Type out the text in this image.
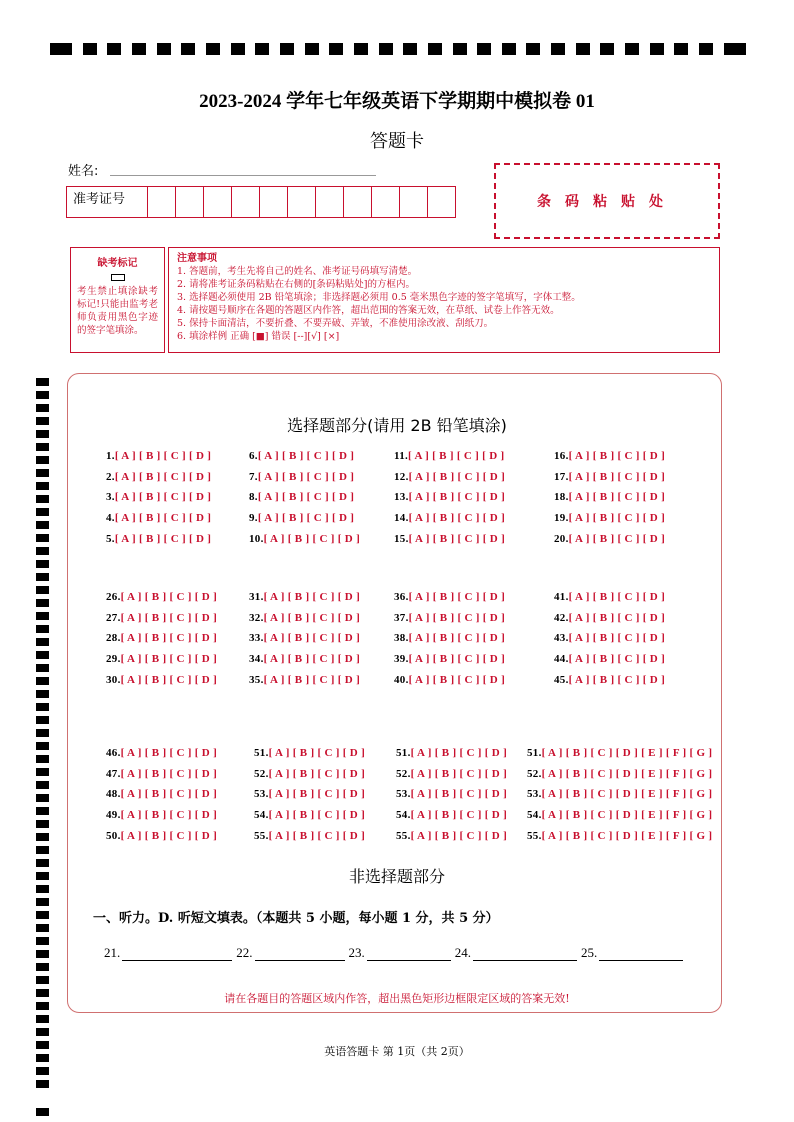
2023-2024 学年七年级英语下学期期中模拟卷 01
答题卡
姓名:
准考证号	条码粘贴处
缺考标记
考生禁止填涂缺考标记!只能由监考老师负责用黑色字迹的签字笔填涂。
注意事项
1. 答题前，考生先将自己的姓名、准考证号码填写清楚。
2. 请将准考证条码粘贴在右侧的[条码粘贴处]的方框内。
3. 选择题必须使用 2B 铅笔填涂；非选择题必须用 0.5 毫米黑色字迹的签字笔填写，字体工整。
4. 请按题号顺序在各题的答题区内作答，超出范围的答案无效，在草纸、试卷上作答无效。
5. 保持卡面清洁，不要折叠、不要弄破、弄皱，不准使用涂改液、刮纸刀。
6. 填涂样例 正确 [■] 错误 [--][√] [×]
选择题部分(请用 2B 铅笔填涂)
1.[ A ] [ B ] [ C ] [ D ]	6.[ A ] [ B ] [ C ] [ D ]	11.[ A ] [ B ] [ C ] [ D ]	16.[ A ] [ B ] [ C ] [ D ]
2.[ A ] [ B ] [ C ] [ D ]	7.[ A ] [ B ] [ C ] [ D ]	12.[ A ] [ B ] [ C ] [ D ]	17.[ A ] [ B ] [ C ] [ D ]
3.[ A ] [ B ] [ C ] [ D ]	8.[ A ] [ B ] [ C ] [ D ]	13.[ A ] [ B ] [ C ] [ D ]	18.[ A ] [ B ] [ C ] [ D ]
4.[ A ] [ B ] [ C ] [ D ]	9.[ A ] [ B ] [ C ] [ D ]	14.[ A ] [ B ] [ C ] [ D ]	19.[ A ] [ B ] [ C ] [ D ]
5.[ A ] [ B ] [ C ] [ D ]	10.[ A ] [ B ] [ C ] [ D ]	15.[ A ] [ B ] [ C ] [ D ]	20.[ A ] [ B ] [ C ] [ D ]
26.[ A ] [ B ] [ C ] [ D ]	31.[ A ] [ B ] [ C ] [ D ]	36.[ A ] [ B ] [ C ] [ D ]	41.[ A ] [ B ] [ C ] [ D ]
27.[ A ] [ B ] [ C ] [ D ]	32.[ A ] [ B ] [ C ] [ D ]	37.[ A ] [ B ] [ C ] [ D ]	42.[ A ] [ B ] [ C ] [ D ]
28.[ A ] [ B ] [ C ] [ D ]	33.[ A ] [ B ] [ C ] [ D ]	38.[ A ] [ B ] [ C ] [ D ]	43.[ A ] [ B ] [ C ] [ D ]
29.[ A ] [ B ] [ C ] [ D ]	34.[ A ] [ B ] [ C ] [ D ]	39.[ A ] [ B ] [ C ] [ D ]	44.[ A ] [ B ] [ C ] [ D ]
30.[ A ] [ B ] [ C ] [ D ]	35.[ A ] [ B ] [ C ] [ D ]	40.[ A ] [ B ] [ C ] [ D ]	45.[ A ] [ B ] [ C ] [ D ]
46.[ A ] [ B ] [ C ] [ D ]	51.[ A ] [ B ] [ C ] [ D ]	51.[ A ] [ B ] [ C ] [ D ] 51.[ A ] [ B ] [ C ] [ D ] [ E ] [ F ] [ G ]
47.[ A ] [ B ] [ C ] [ D ]	52.[ A ] [ B ] [ C ] [ D ]	52.[ A ] [ B ] [ C ] [ D ] 52.[ A ] [ B ] [ C ] [ D ] [ E ] [ F ] [ G ]
48.[ A ] [ B ] [ C ] [ D ]	53.[ A ] [ B ] [ C ] [ D ]	53.[ A ] [ B ] [ C ] [ D ] 53.[ A ] [ B ] [ C ] [ D ] [ E ] [ F ] [ G ]
49.[ A ] [ B ] [ C ] [ D ]	54.[ A ] [ B ] [ C ] [ D ]	54.[ A ] [ B ] [ C ] [ D ] 54.[ A ] [ B ] [ C ] [ D ] [ E ] [ F ] [ G ]
50.[ A ] [ B ] [ C ] [ D ]	55.[ A ] [ B ] [ C ] [ D ]	55.[ A ] [ B ] [ C ] [ D ] 55.[ A ] [ B ] [ C ] [ D ] [ E ] [ F ] [ G ]
非选择题部分
一、听力。D. 听短文填表。（本题共 5 小题，每小题 1 分，共 5 分）
21.	22.	23.	24.	25.
请在各题目的答题区域内作答，超出黑色矩形边框限定区域的答案无效!
英语答题卡 第 1页（共 2页）
